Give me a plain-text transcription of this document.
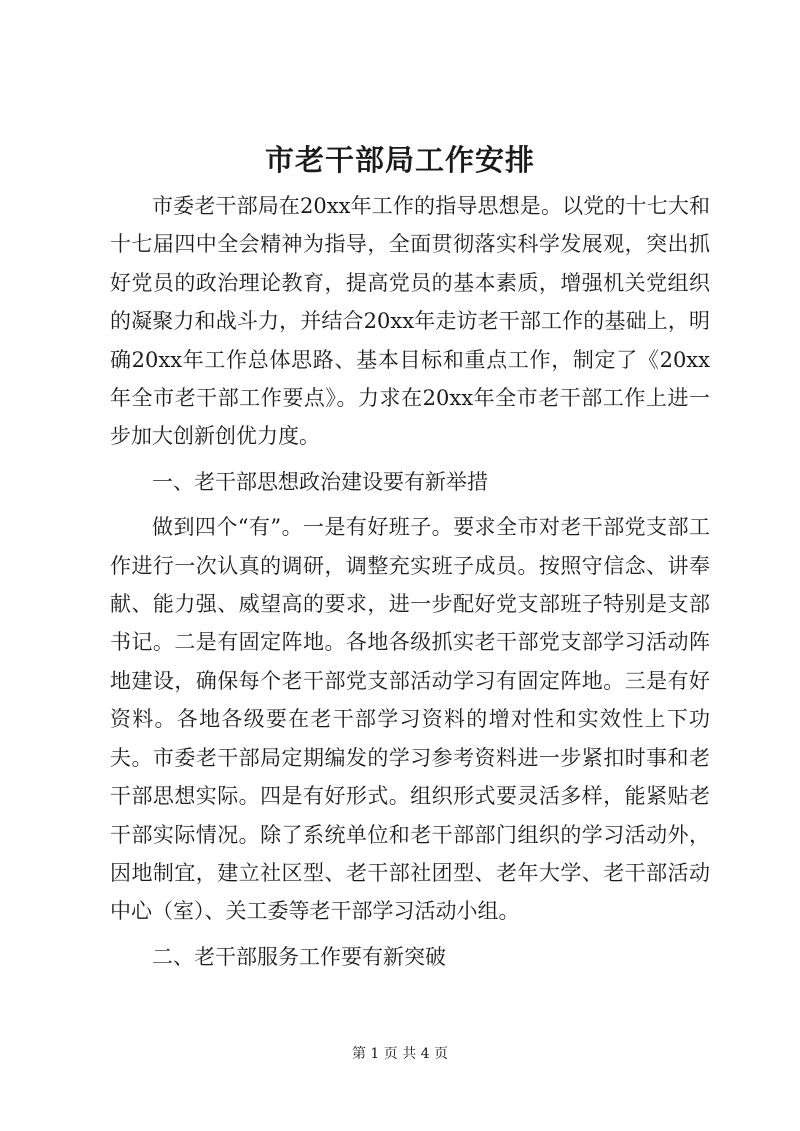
市老干部局工作安排

市委老干部局在20xx年工作的指导思想是。以党的十七大和十七届四中全会精神为指导，全面贯彻落实科学发展观，突出抓好党员的政治理论教育，提高党员的基本素质，增强机关党组织的凝聚力和战斗力，并结合20xx年走访老干部工作的基础上，明确20xx年工作总体思路、基本目标和重点工作，制定了《20xx年全市老干部工作要点》。力求在20xx年全市老干部工作上进一步加大创新创优力度。

一、老干部思想政治建设要有新举措

做到四个“有”。一是有好班子。要求全市对老干部党支部工作进行一次认真的调研，调整充实班子成员。按照守信念、讲奉献、能力强、威望高的要求，进一步配好党支部班子特别是支部书记。二是有固定阵地。各地各级抓实老干部党支部学习活动阵地建设，确保每个老干部党支部活动学习有固定阵地。三是有好资料。各地各级要在老干部学习资料的增对性和实效性上下功夫。市委老干部局定期编发的学习参考资料进一步紧扣时事和老干部思想实际。四是有好形式。组织形式要灵活多样，能紧贴老干部实际情况。除了系统单位和老干部部门组织的学习活动外，因地制宜，建立社区型、老干部社团型、老年大学、老干部活动中心（室）、关工委等老干部学习活动小组。

二、老干部服务工作要有新突破

第 1 页 共 4 页
